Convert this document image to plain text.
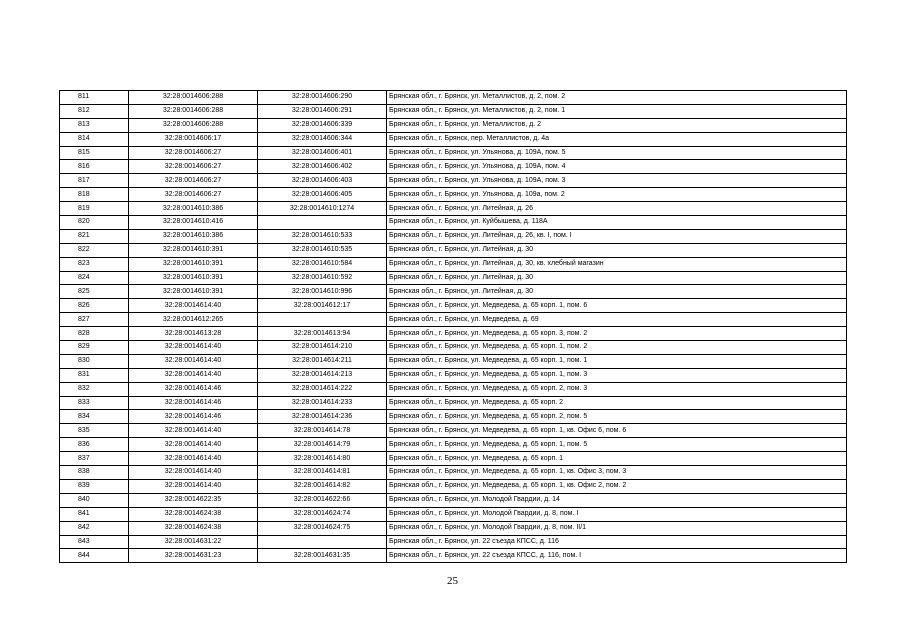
811	32:28:0014606:288	32:28:0014606:290	Брянская обл., г. Брянск, ул. Металлистов, д. 2, пом. 2
812	32:28:0014606:288	32:28:0014606:291	Брянская обл., г. Брянск, ул. Металлистов, д. 2, пом. 1
813	32:28:0014606:288	32:28:0014606:339	Брянская обл., г. Брянск, ул. Металлистов, д. 2
814	32:28:0014606:17	32:28:0014606:344	Брянская обл., г. Брянск, пер. Металлистов, д. 4а
815	32:28:0014606:27	32:28:0014606:401	Брянская обл., г. Брянск, ул. Ульянова, д. 109А, пом. 5
816	32:28:0014606:27	32:28:0014606:402	Брянская обл., г. Брянск, ул. Ульянова, д. 109А, пом. 4
817	32:28:0014606:27	32:28:0014606:403	Брянская обл., г. Брянск, ул. Ульянова, д. 109А, пом. 3
818	32:28:0014606:27	32:28:0014606:405	Брянская обл., г. Брянск, ул. Ульянова, д. 109а, пом. 2
819	32:28:0014610:386	32:28:0014610:1274	Брянская обл., г. Брянск, ул. Литейная, д. 26
820	32:28:0014610:416		Брянская обл., г. Брянск, ул. Куйбышева, д. 118А
821	32:28:0014610:386	32:28:0014610:533	Брянская обл., г. Брянск, ул. Литейная, д. 26, кв. I, пом. I
822	32:28:0014610:391	32:28:0014610:535	Брянская обл., г. Брянск, ул. Литейная, д. 30
823	32:28:0014610:391	32:28:0014610:584	Брянская обл., г. Брянск, ул. Литейная, д. 30, кв. хлебный магазин
824	32:28:0014610:391	32:28:0014610:592	Брянская обл., г. Брянск, ул. Литейная, д. 30
825	32:28:0014610:391	32:28:0014610:996	Брянская обл., г. Брянск, ул. Литейная, д. 30
826	32:28:0014614:40	32:28:0014612:17	Брянская обл., г. Брянск, ул. Медведева, д. 65 корп. 1, пом. 6
827	32:28:0014612:265		Брянская обл., г. Брянск, ул. Медведева, д. 69
828	32:28:0014613:28	32:28:0014613:94	Брянская обл., г. Брянск, ул. Медведева, д. 65 корп. 3, пом. 2
829	32:28:0014614:40	32:28:0014614:210	Брянская обл., г. Брянск, ул. Медведева, д. 65 корп. 1, пом. 2
830	32:28:0014614:40	32:28:0014614:211	Брянская обл., г. Брянск, ул. Медведева, д. 65 корп. 1, пом. 1
831	32:28:0014614:40	32:28:0014614:213	Брянская обл., г. Брянск, ул. Медведева, д. 65 корп. 1, пом. 3
832	32:28:0014614:46	32:28:0014614:222	Брянская обл., г. Брянск, ул. Медведева, д. 65 корп. 2, пом. 3
833	32:28:0014614:46	32:28:0014614:233	Брянская обл., г. Брянск, ул. Медведева, д. 65 корп. 2
834	32:28:0014614:46	32:28:0014614:236	Брянская обл., г. Брянск, ул. Медведева, д. 65 корп. 2, пом. 5
835	32:28:0014614:40	32:28:0014614:78	Брянская обл., г. Брянск, ул. Медведева, д. 65 корп. 1, кв. Офис 6, пом. 6
836	32:28:0014614:40	32:28:0014614:79	Брянская обл., г. Брянск, ул. Медведева, д. 65 корп. 1, пом. 5
837	32:28:0014614:40	32:28:0014614:80	Брянская обл., г. Брянск, ул. Медведева, д. 65 корп. 1
838	32:28:0014614:40	32:28:0014614:81	Брянская обл., г. Брянск, ул. Медведева, д. 65 корп. 1, кв. Офис 3, пом. 3
839	32:28:0014614:40	32:28:0014614:82	Брянская обл., г. Брянск, ул. Медведева, д. 65 корп. 1, кв. Офис 2, пом. 2
840	32:28:0014622:35	32:28:0014622:66	Брянская обл., г. Брянск, ул. Молодой Гвардии, д. 14
841	32:28:0014624:38	32:28:0014624:74	Брянская обл., г. Брянск, ул. Молодой Гвардии, д. 8, пом. I
842	32:28:0014624:38	32:28:0014624:75	Брянская обл., г. Брянск, ул. Молодой Гвардии, д. 8, пом. II/1
843	32:28:0014631:22		Брянская обл., г. Брянск, ул. 22 съезда КПСС, д. 116
844	32:28:0014631:23	32:28:0014631:35	Брянская обл., г. Брянск, ул. 22 съезда КПСС, д. 116, пом. I
25
